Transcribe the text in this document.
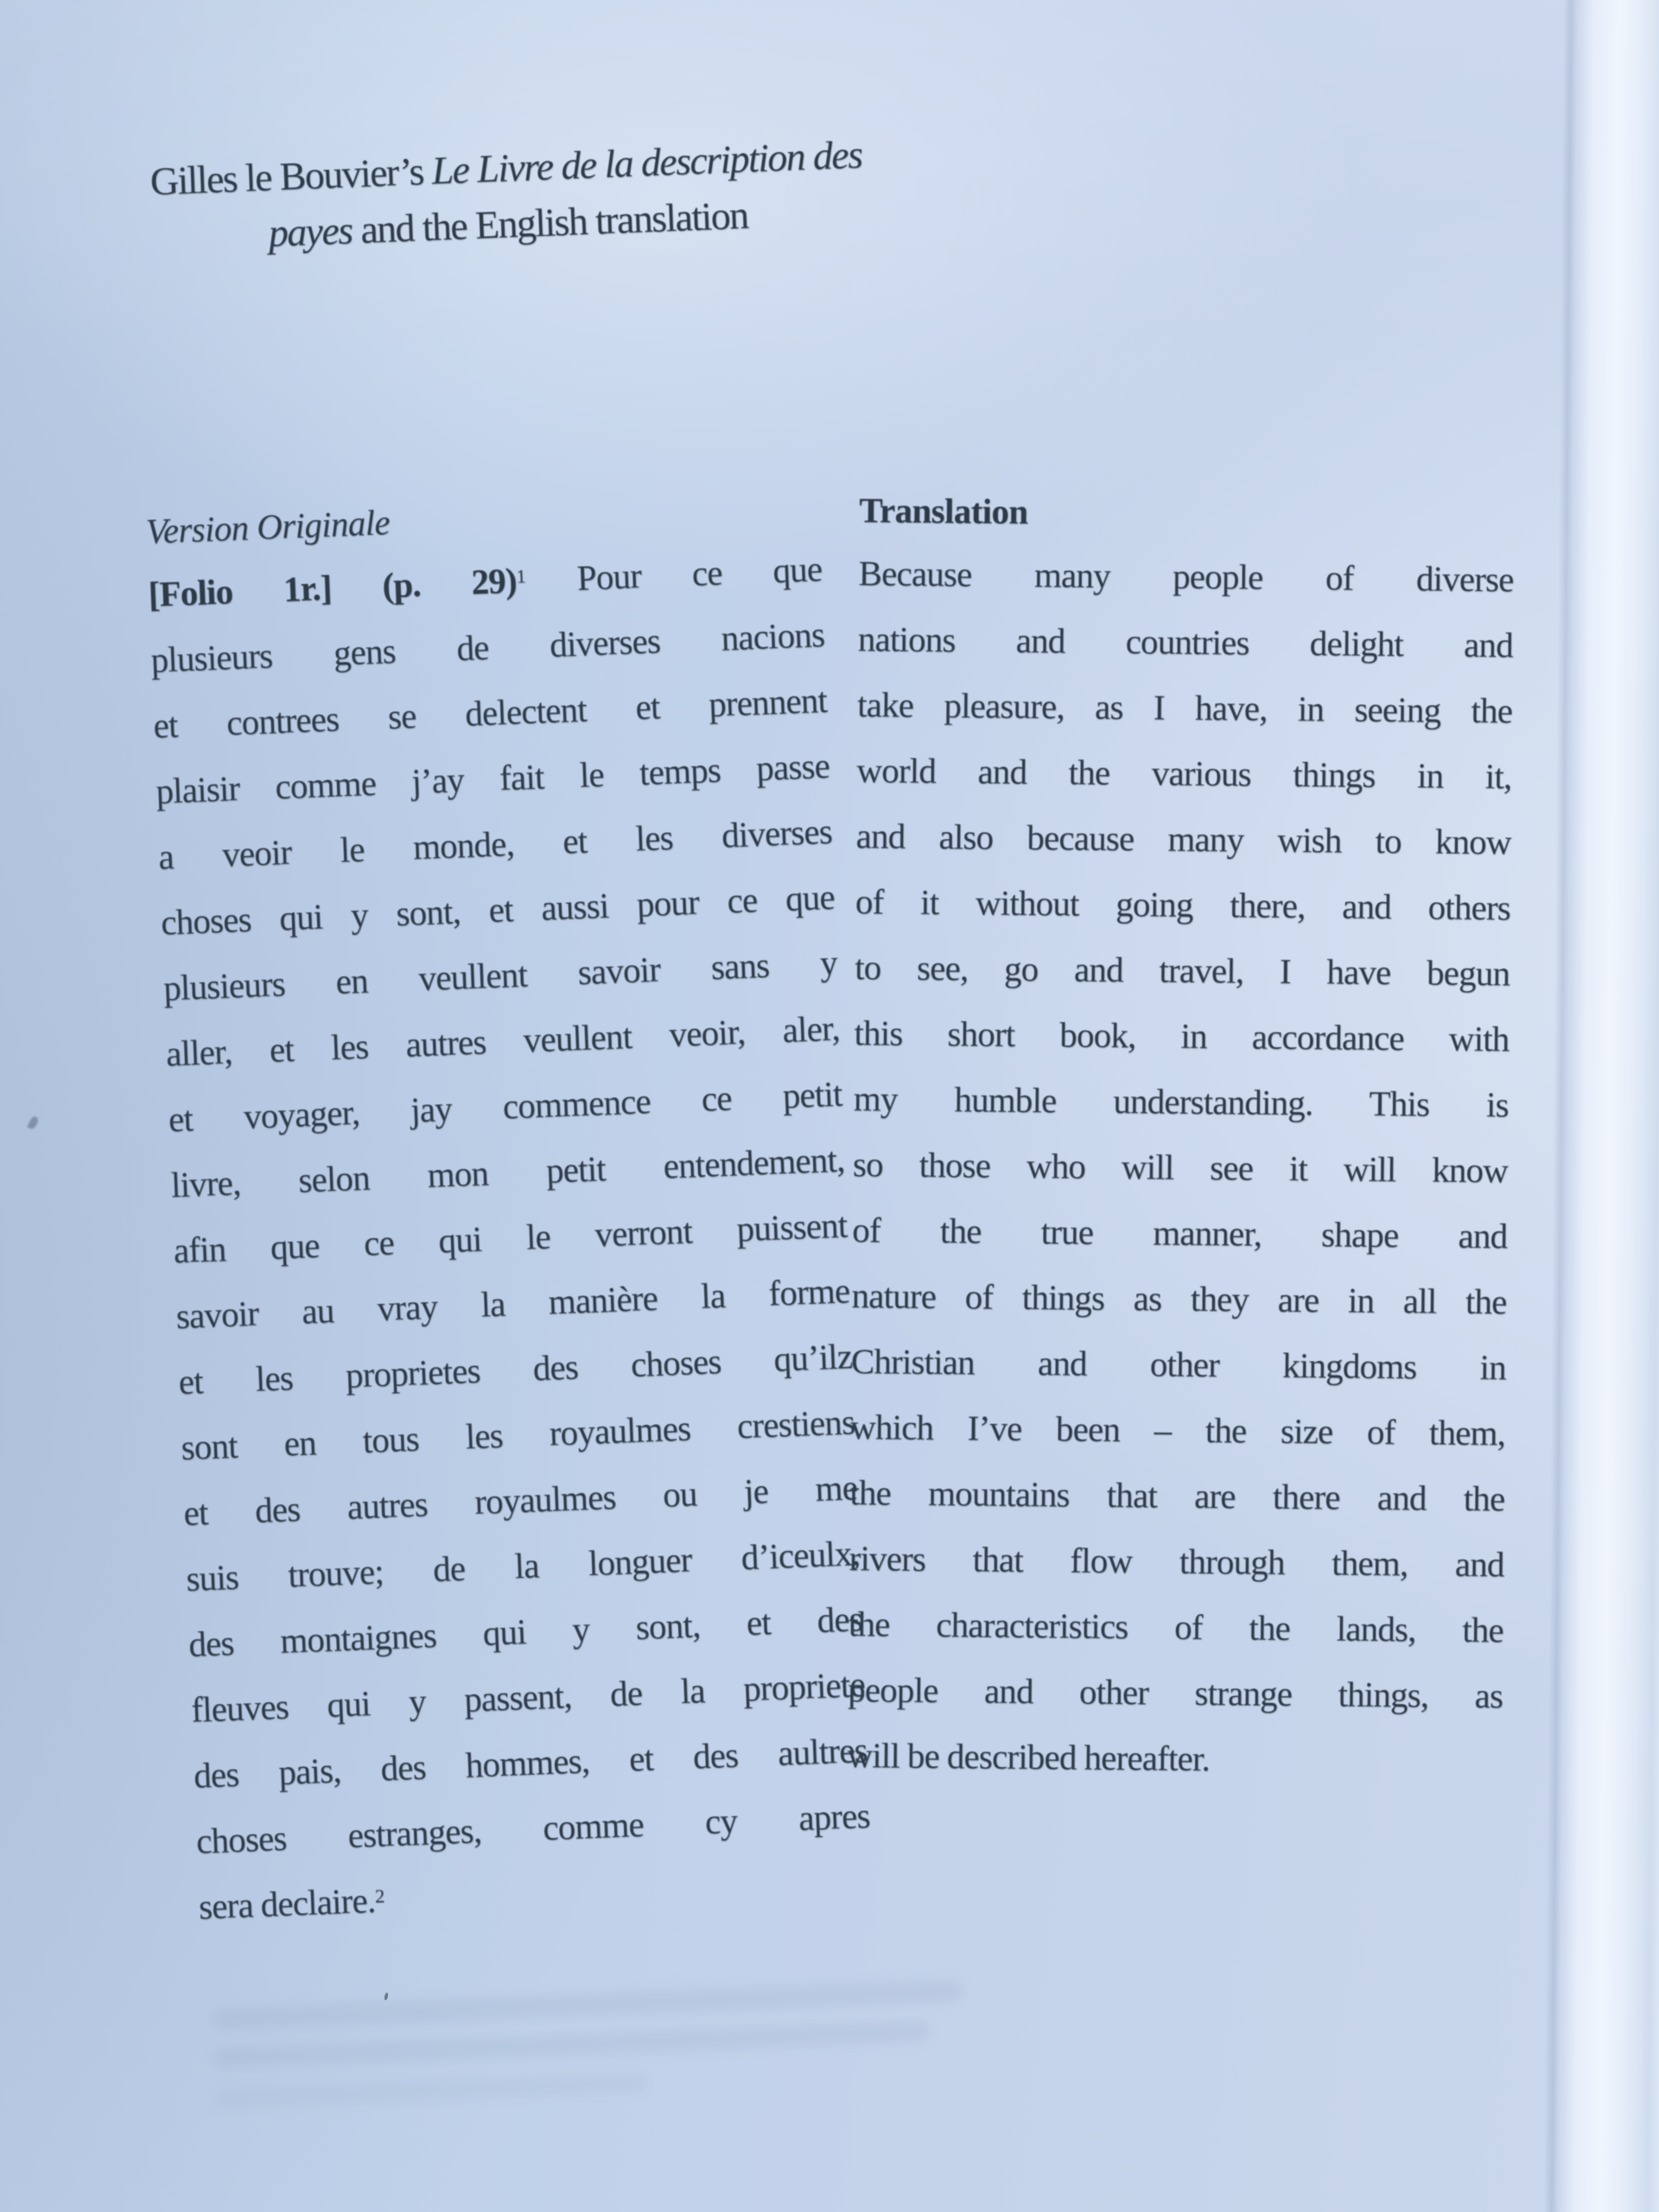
Gilles le Bouvier’s Le Livre de la description des
payes and the English translation
Version Originale
[Folio 1r.] (p. 29)$^1$ Pour ce que
plusieurs gens de diverses nacions
et contrees se delectent et prennent
plaisir comme j’ay fait le temps passe
a veoir le monde, et les diverses
choses qui y sont, et aussi pour ce que
plusieurs en veullent savoir sans y
aller, et les autres veullent veoir, aler,
et voyager, jay commence ce petit
livre, selon mon petit entendement,
afin que ce qui le verront puissent
savoir au vray la manière la forme
et les proprietes des choses qu’ilz
sont en tous les royaulmes crestiens
et des autres royaulmes ou je me
suis trouve; de la longuer d’iceulx,
des montaignes qui y sont, et des
fleuves qui y passent, de la propriete
des pais, des hommes, et des aultres
choses estranges, comme cy apres
sera declaire.$^2$
Translation
Because many people of diverse
nations and countries delight and
take pleasure, as I have, in seeing the
world and the various things in it,
and also because many wish to know
of it without going there, and others
to see, go and travel, I have begun
this short book, in accordance with
my humble understanding. This is
so those who will see it will know
of the true manner, shape and
nature of things as they are in all the
Christian and other kingdoms in
which I’ve been – the size of them,
the mountains that are there and the
rivers that flow through them, and
the characteristics of the lands, the
people and other strange things, as
will be described hereafter.
